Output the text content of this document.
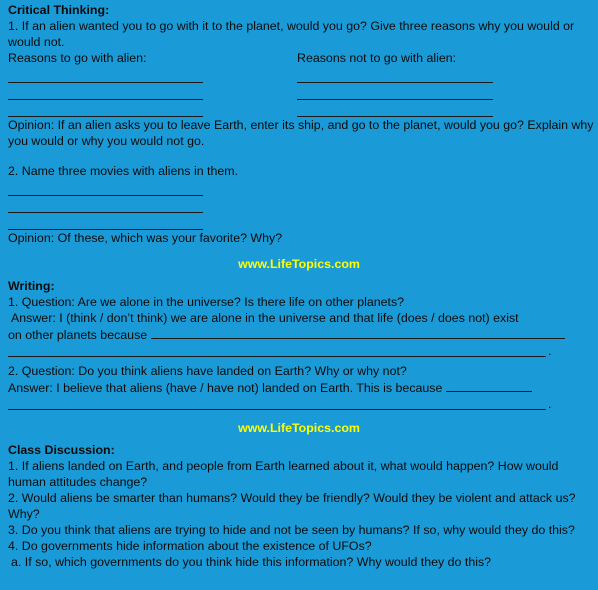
Critical Thinking:

1. If an alien wanted you to go with it to the planet, would you go? Give three reasons why you would or would not.

Reasons to go with alien:	Reasons not to go with alien:

Opinion: If an alien asks you to leave Earth, enter its ship, and go to the planet, would you go? Explain why you would or why you would not go.

2. Name three movies with aliens in them.

Opinion: Of these, which was your favorite? Why?

www.LifeTopics.com

Writing:

1. Question: Are we alone in the universe? Is there life on other planets?

Answer: I (think / don’t think) we are alone in the universe and that life (does / does not) exist

on other planets because

.

2. Question: Do you think aliens have landed on Earth? Why or why not?

Answer: I believe that aliens (have / have not) landed on Earth. This is because

.

www.LifeTopics.com

Class Discussion:

1. If aliens landed on Earth, and people from Earth learned about it, what would happen? How would human attitudes change?

2. Would aliens be smarter than humans? Would they be friendly? Would they be violent and attack us? Why?

3. Do you think that aliens are trying to hide and not be seen by humans? If so, why would they do this?

4. Do governments hide information about the existence of UFOs?

a. If so, which governments do you think hide this information? Why would they do this?
